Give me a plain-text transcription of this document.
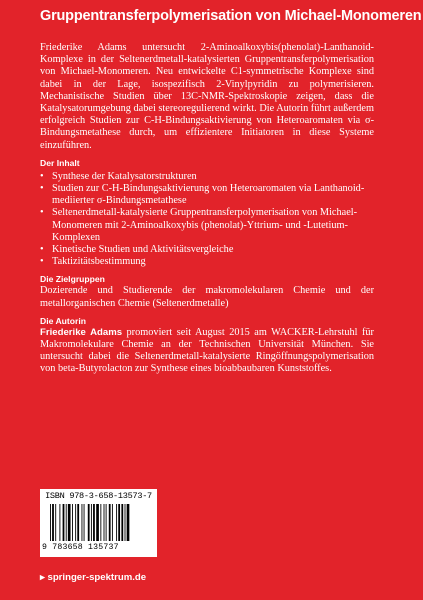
Gruppentransferpolymerisation von Michael-Monomeren

Friederike Adams untersucht 2-Aminoalkoxybis(phenolat)-Lanthanoid-Komplexe in der Seltenerdmetall-katalysierten Gruppentransferpolymerisation von Michael-Monomeren. Neu entwickelte C1-symmetrische Komplexe sind dabei in der Lage, isospezifisch 2-Vinylpyridin zu polymerisieren. Mechanistische Studien über 13C-NMR-Spektroskopie zeigen, dass die Katalysatorumgebung dabei stereoregulierend wirkt. Die Autorin führt außerdem erfolgreich Studien zur C-H-Bindungsaktivierung von Heteroaromaten via σ-Bindungsmetathese durch, um effizientere Initiatoren in diese Systeme einzuführen.

Der Inhalt
• Synthese der Katalysatorstrukturen
• Studien zur C-H-Bindungsaktivierung von Heteroaromaten via Lanthanoid-mediierter σ-Bindungsmetathese
• Seltenerdmetall-katalysierte Gruppentransferpolymerisation von Michael-Monomeren mit 2-Aminoalkoxybis (phenolat)-Yttrium- und -Lutetium-Komplexen
• Kinetische Studien und Aktivitätsvergleiche
• Taktizitätsbestimmung
Die Zielgruppen

Dozierende und Studierende der makromolekularen Chemie und der metallorganischen Chemie (Seltenerdmetalle)

Die Autorin

Friederike Adams promoviert seit August 2015 am WACKER-Lehrstuhl für Makromolekulare Chemie an der Technischen Universität München. Sie untersucht dabei die Seltenerdmetall-katalysierte Ringöffnungspolymerisation von beta-Butyrolacton zur Synthese eines bioabbaubaren Kunststoffes.

ISBN 978-3-658-13573-7
9 783658 135737
▸ springer-spektrum.de
